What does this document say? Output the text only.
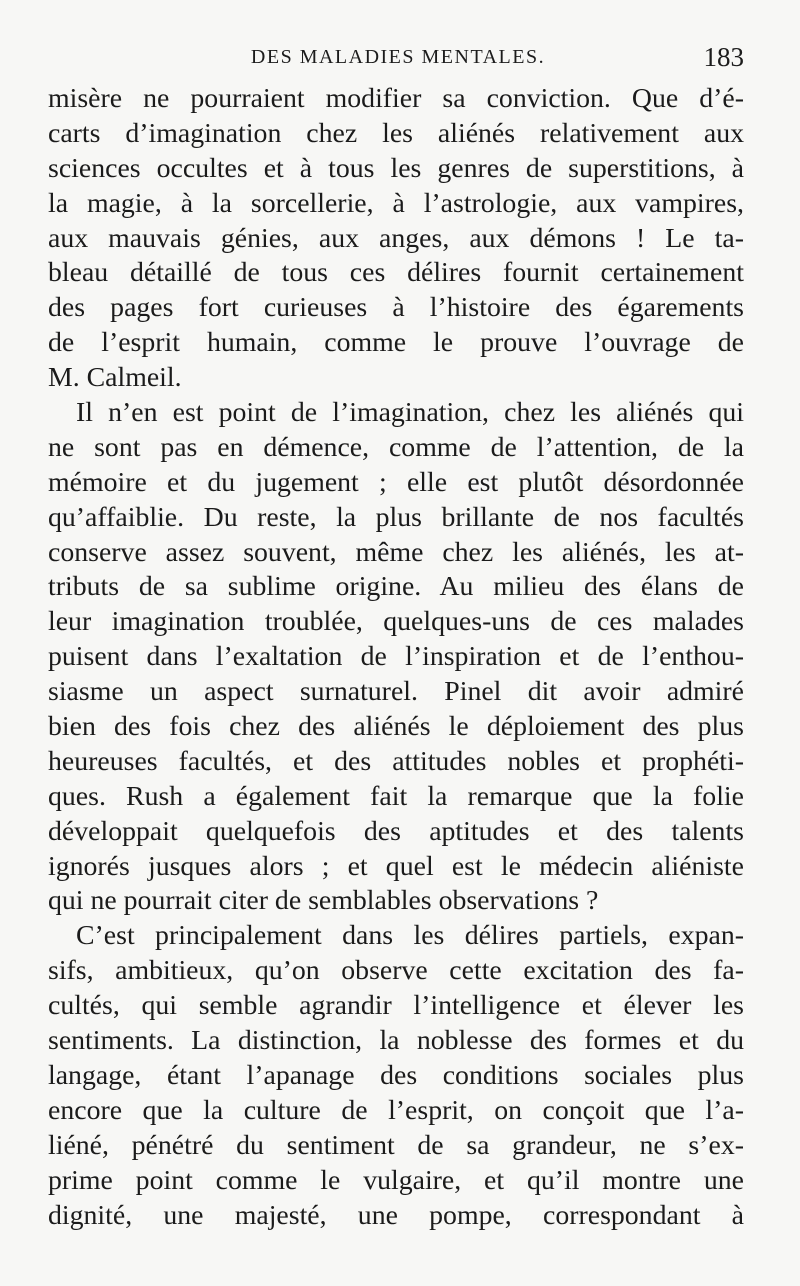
DES MALADIES MENTALES.	183
misère ne pourraient modifier sa conviction. Que d’é-
carts d’imagination chez les aliénés relativement aux
sciences occultes et à tous les genres de superstitions, à
la magie, à la sorcellerie, à l’astrologie, aux vampires,
aux mauvais génies, aux anges, aux démons ! Le ta-
bleau détaillé de tous ces délires fournit certainement
des pages fort curieuses à l’histoire des égarements
de l’esprit humain, comme le prouve l’ouvrage de
M. Calmeil.
Il n’en est point de l’imagination, chez les aliénés qui
ne sont pas en démence, comme de l’attention, de la
mémoire et du jugement ; elle est plutôt désordonnée
qu’affaiblie. Du reste, la plus brillante de nos facultés
conserve assez souvent, même chez les aliénés, les at-
tributs de sa sublime origine. Au milieu des élans de
leur imagination troublée, quelques-uns de ces malades
puisent dans l’exaltation de l’inspiration et de l’enthou-
siasme un aspect surnaturel. Pinel dit avoir admiré
bien des fois chez des aliénés le déploiement des plus
heureuses facultés, et des attitudes nobles et prophéti-
ques. Rush a également fait la remarque que la folie
développait quelquefois des aptitudes et des talents
ignorés jusques alors ; et quel est le médecin aliéniste
qui ne pourrait citer de semblables observations ?
C’est principalement dans les délires partiels, expan-
sifs, ambitieux, qu’on observe cette excitation des fa-
cultés, qui semble agrandir l’intelligence et élever les
sentiments. La distinction, la noblesse des formes et du
langage, étant l’apanage des conditions sociales plus
encore que la culture de l’esprit, on conçoit que l’a-
liéné, pénétré du sentiment de sa grandeur, ne s’ex-
prime point comme le vulgaire, et qu’il montre une
dignité, une majesté, une pompe, correspondant à
